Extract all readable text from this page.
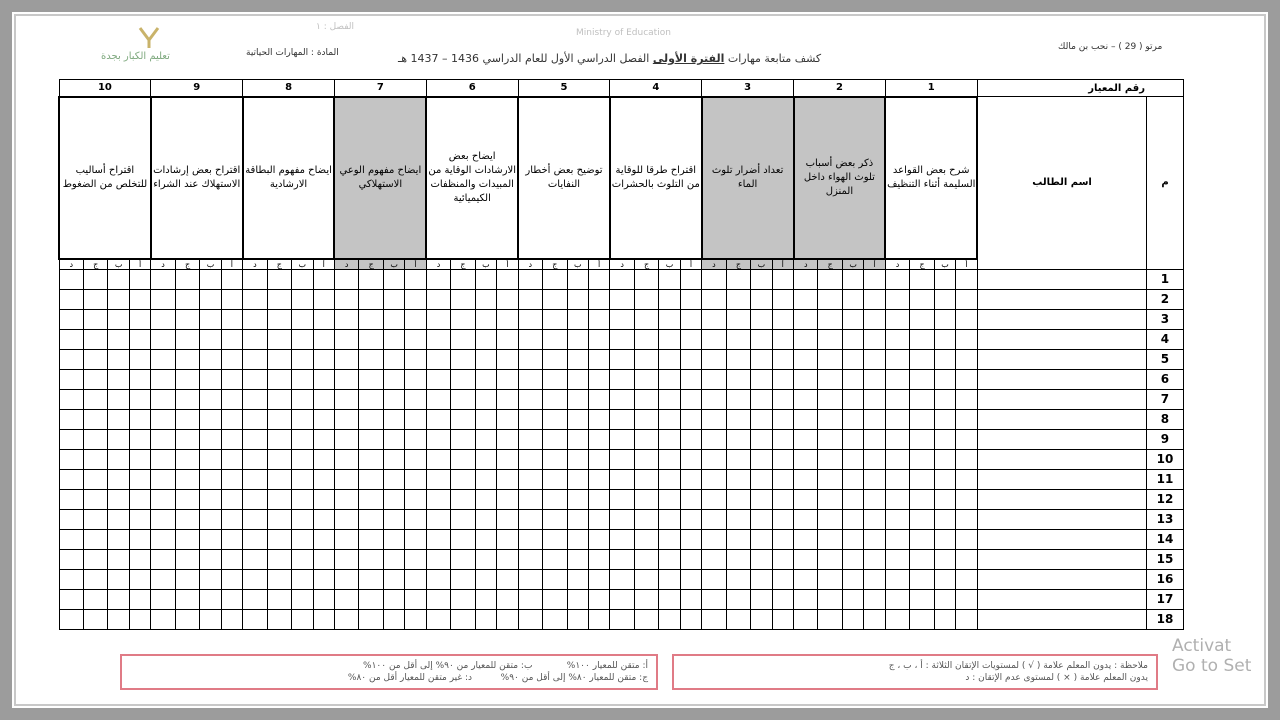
الفصل : ١
Ministry of Education
تعليم الكبار بجدة	المادة : المهارات الحياتية	كشف متابعة مهارات الفترة الأولى الفصل الدراسي الأول للعام الدراسي 1436 – 1437 هـ
مرتو ( 29 ) – نحب بن مالك
10				9				8				7				6				5				4				3				2				1				رقم المعيار	
اقتراح أساليب للتخلص من الضغوط				اقتراح بعض إرشادات الاستهلاك عند الشراء				ايضاح مفهوم البطاقة الارشادية				ايضاح مفهوم الوعي الاستهلاكي				ايضاح بعض الارشادات الوقاية من المبيدات والمنظفات الكيميائية				توضيح بعض أخطار النفايات				اقتراح طرقا للوقاية من التلوث بالحشرات				تعداد أضرار تلوث الماء				ذكر بعض أسباب تلوث الهواء داخل المنزل				شرح بعض القواعد السليمة أثناء التنظيف				اسم الطالب	م
د	ج	ب	أ	د	ج	ب	أ	د	ج	ب	أ	د	ج	ب	أ	د	ج	ب	أ	د	ج	ب	أ	د	ج	ب	أ	د	ج	ب	أ	د	ج	ب	أ	د	ج	ب	أ		
																																									1
																																									2
																																									3
																																									4
																																									5
																																									6
																																									7
																																									8
																																									9
																																									10
																																									11
																																									12
																																									13
																																									14
																																									15
																																									16
																																									17
																																									18
ملاحظة : يدون المعلم علامة ( √ ) لمستويات الإتقان الثلاثة : أ ، ب ، ج
يدون المعلم علامة ( × ) لمستوى عدم الإتقان : د
أ: متقن للمعيار ١٠٠%            ب: متقن للمعيار من ٩٠% إلى أقل من ١٠٠%
ج: متقن للمعيار ٨٠% إلى أقل من ٩٠%          د: غير متقن للمعيار أقل من ٨٠%
Activat
Go to Set
